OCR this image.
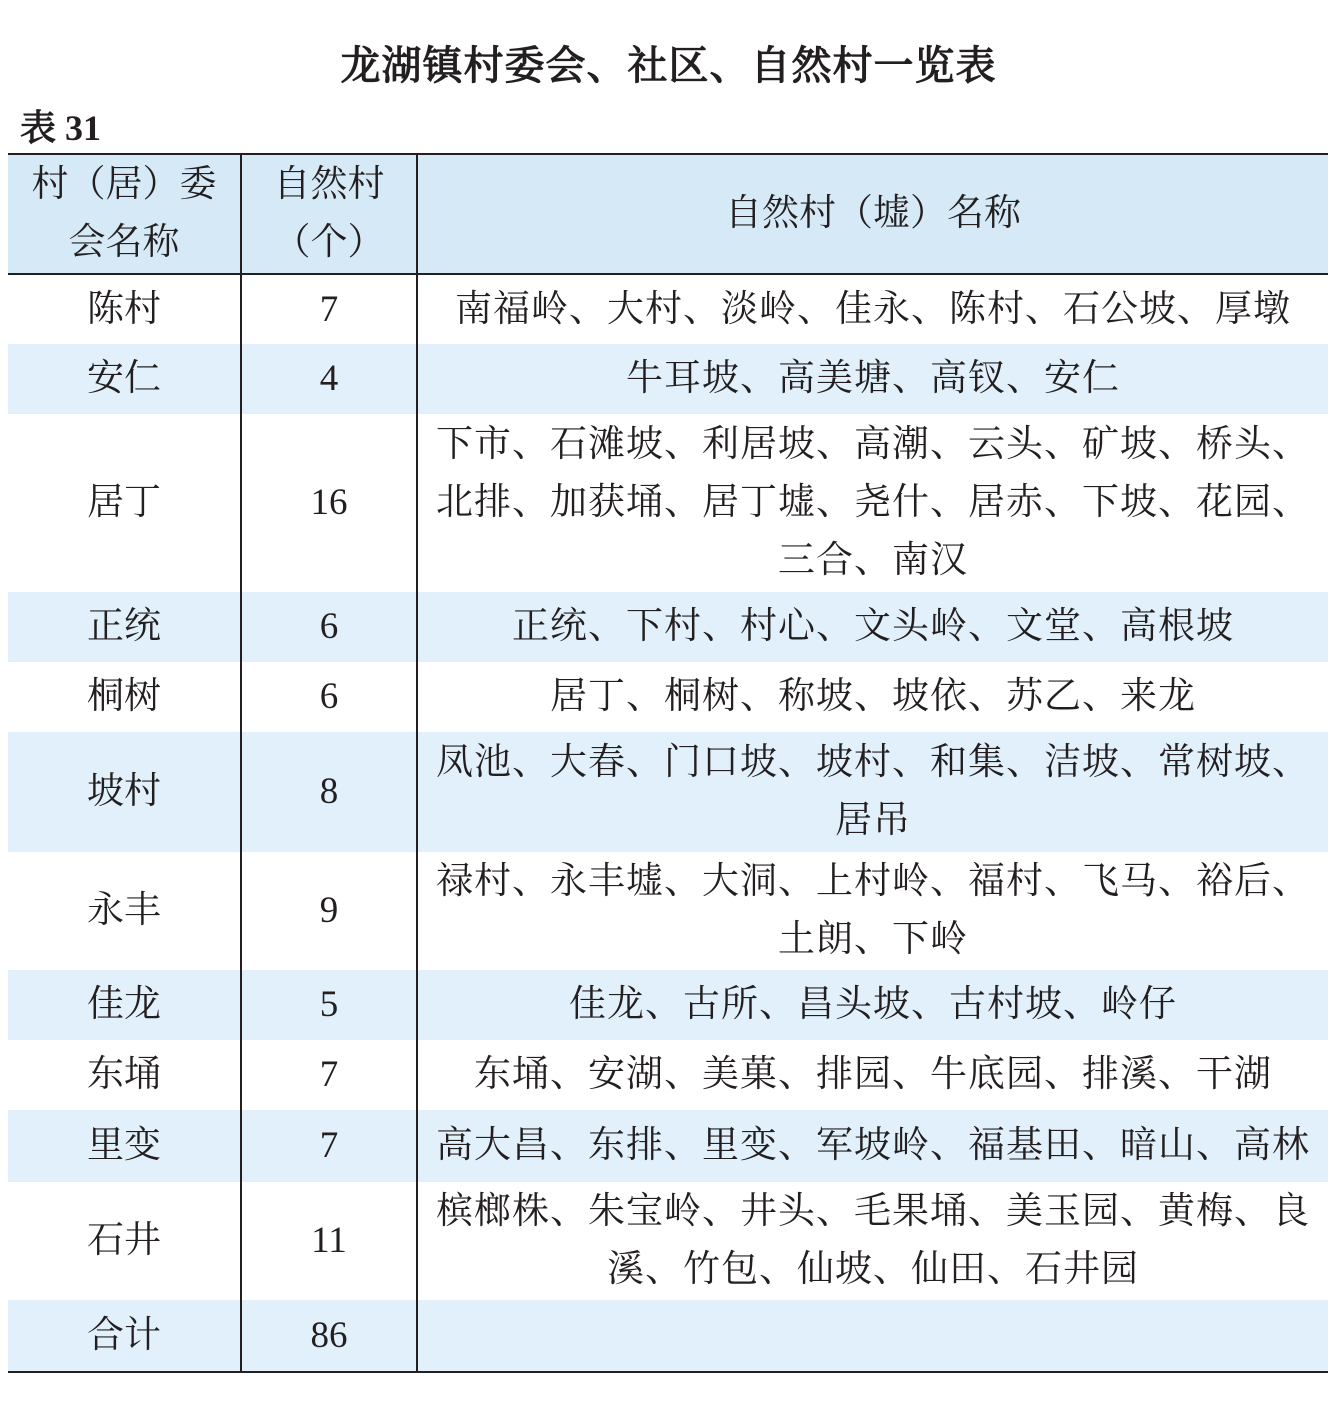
龙湖镇村委会、社区、自然村一览表
表 31
村（居）委会名称	自然村（个）	自然村（墟）名称
陈村	7	南福岭、大村、淡岭、佳永、陈村、石公坡、厚墩
安仁	4	牛耳坡、高美塘、高钗、安仁
居丁	16	下市、石滩坡、利居坡、高潮、云头、矿坡、桥头、北排、加获埇、居丁墟、尧什、居赤、下坡、花园、三合、南汉
正统	6	正统、下村、村心、文头岭、文堂、高根坡
桐树	6	居丁、桐树、称坡、坡依、苏乙、来龙
坡村	8	凤池、大春、门口坡、坡村、和集、洁坡、常树坡、居吊
永丰	9	禄村、永丰墟、大洞、上村岭、福村、飞马、裕后、土朗、下岭
佳龙	5	佳龙、古所、昌头坡、古村坡、岭仔
东埇	7	东埇、安湖、美菓、排园、牛底园、排溪、干湖
里变	7	高大昌、东排、里变、军坡岭、福基田、暗山、高林
石井	11	槟榔株、朱宝岭、井头、毛果埇、美玉园、黄梅、良溪、竹包、仙坡、仙田、石井园
合计	86	
